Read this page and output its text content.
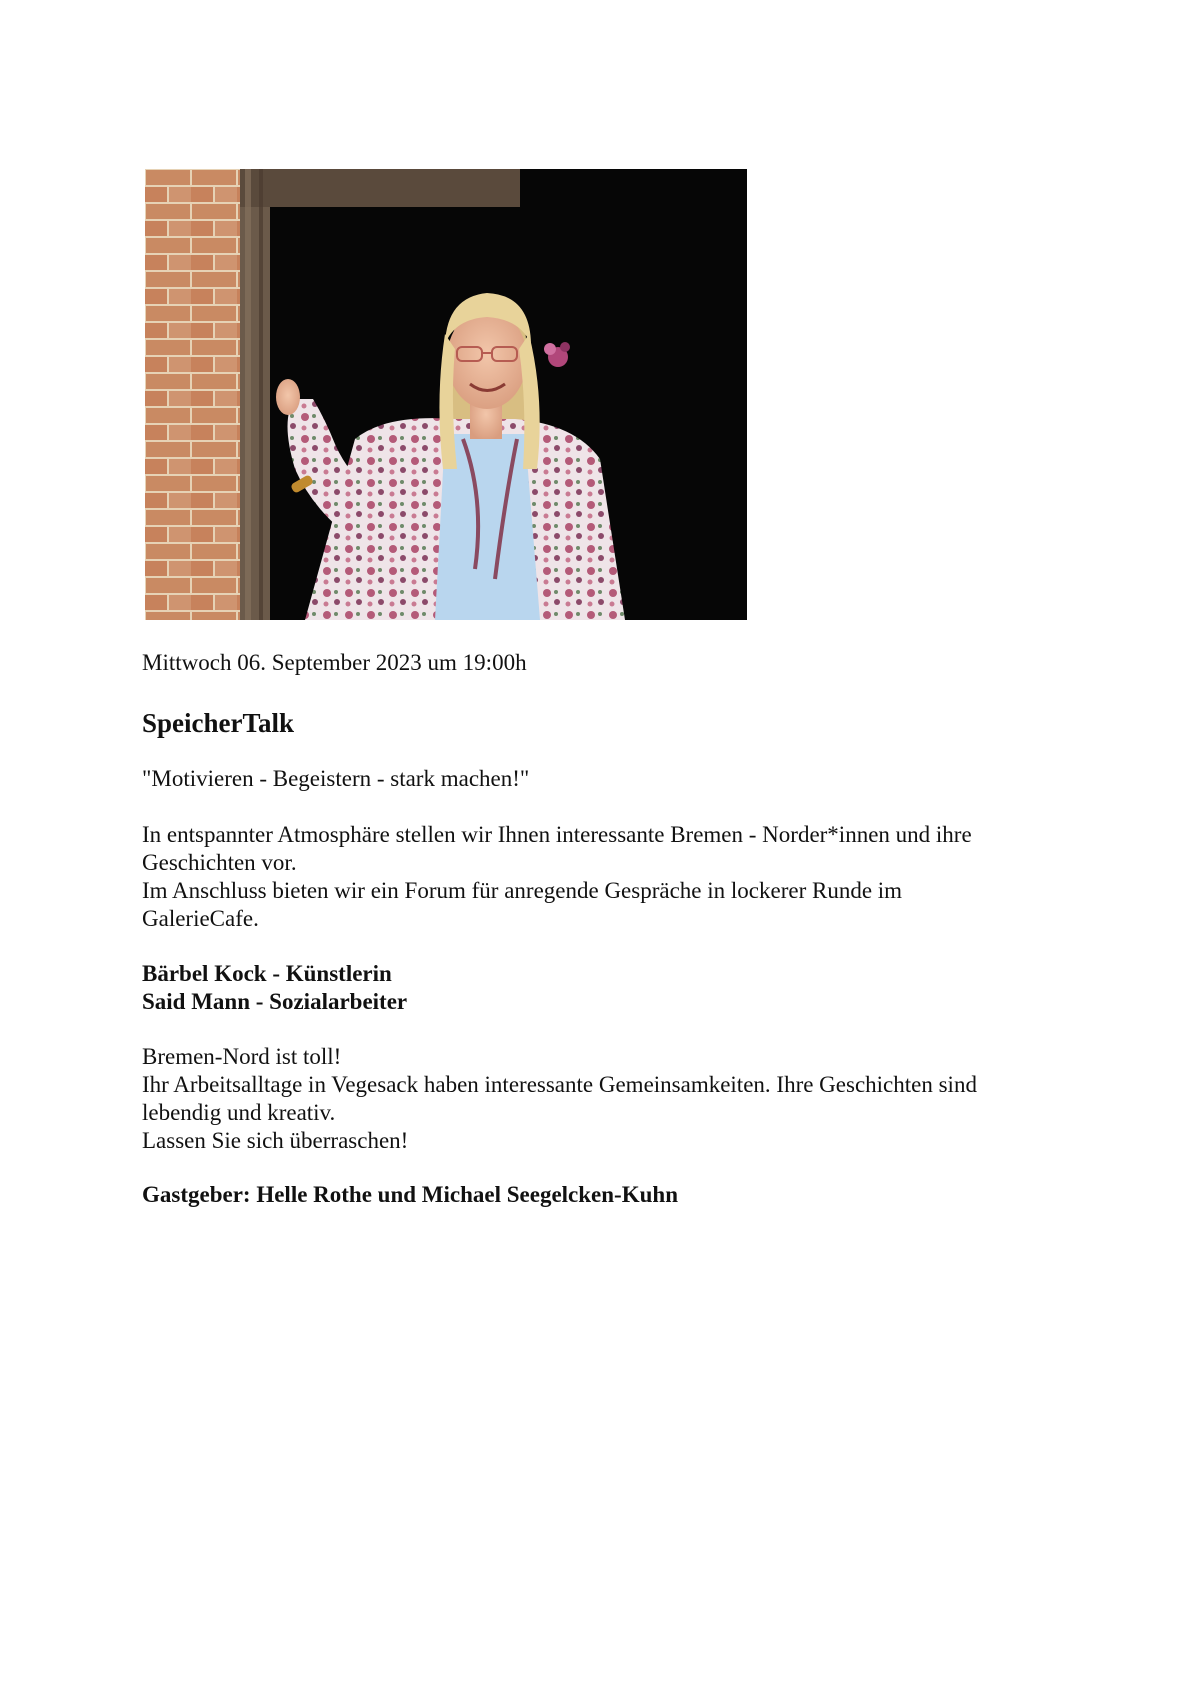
Mittwoch 06. September 2023 um 19:00h
SpeicherTalk
"Motivieren - Begeistern - stark machen!"

In entspannter Atmosphäre stellen wir Ihnen interessante Bremen - Norder*innen und ihre

Geschichten vor.

Im Anschluss bieten wir ein Forum für anregende Gespräche in lockerer Runde im

GalerieCafe.

Bärbel Kock - Künstlerin
Said Mann - Sozialarbeiter

Bremen-Nord ist toll!

Ihr Arbeitsalltage in Vegesack haben interessante Gemeinsamkeiten. Ihre Geschichten sind

lebendig und kreativ.

Lassen Sie sich überraschen!

Gastgeber: Helle Rothe und Michael Seegelcken-Kuhn
